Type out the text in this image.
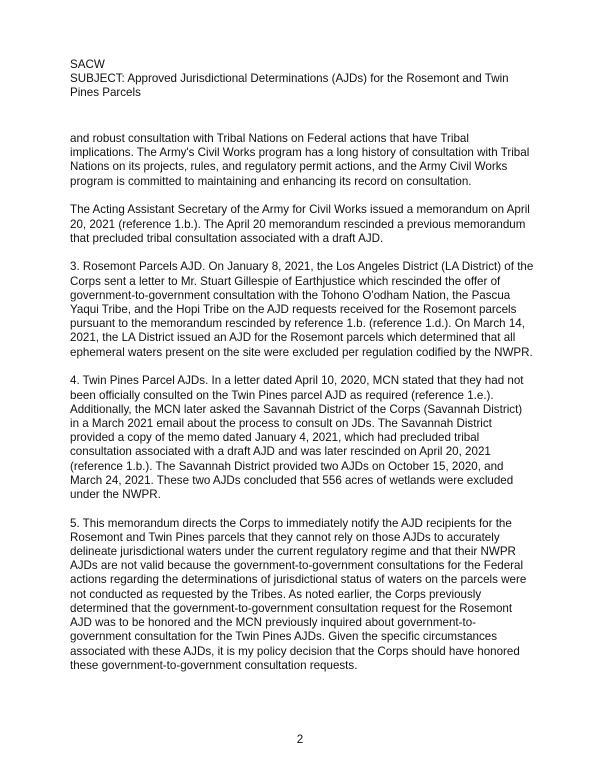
SACW
SUBJECT: Approved Jurisdictional Determinations (AJDs) for the Rosemont and Twin Pines Parcels

and robust consultation with Tribal Nations on Federal actions that have Tribal implications. The Army's Civil Works program has a long history of consultation with Tribal Nations on its projects, rules, and regulatory permit actions, and the Army Civil Works program is committed to maintaining and enhancing its record on consultation.

The Acting Assistant Secretary of the Army for Civil Works issued a memorandum on April 20, 2021 (reference 1.b.). The April 20 memorandum rescinded a previous memorandum that precluded tribal consultation associated with a draft AJD.

3. Rosemont Parcels AJD. On January 8, 2021, the Los Angeles District (LA District) of the Corps sent a letter to Mr. Stuart Gillespie of Earthjustice which rescinded the offer of government-to-government consultation with the Tohono O'odham Nation, the Pascua Yaqui Tribe, and the Hopi Tribe on the AJD requests received for the Rosemont parcels pursuant to the memorandum rescinded by reference 1.b. (reference 1.d.). On March 14, 2021, the LA District issued an AJD for the Rosemont parcels which determined that all ephemeral waters present on the site were excluded per regulation codified by the NWPR.

4. Twin Pines Parcel AJDs. In a letter dated April 10, 2020, MCN stated that they had not been officially consulted on the Twin Pines parcel AJD as required (reference 1.e.). Additionally, the MCN later asked the Savannah District of the Corps (Savannah District) in a March 2021 email about the process to consult on JDs. The Savannah District provided a copy of the memo dated January 4, 2021, which had precluded tribal consultation associated with a draft AJD and was later rescinded on April 20, 2021 (reference 1.b.). The Savannah District provided two AJDs on October 15, 2020, and March 24, 2021. These two AJDs concluded that 556 acres of wetlands were excluded under the NWPR.

5. This memorandum directs the Corps to immediately notify the AJD recipients for the Rosemont and Twin Pines parcels that they cannot rely on those AJDs to accurately delineate jurisdictional waters under the current regulatory regime and that their NWPR AJDs are not valid because the government-to-government consultations for the Federal actions regarding the determinations of jurisdictional status of waters on the parcels were not conducted as requested by the Tribes. As noted earlier, the Corps previously determined that the government-to-government consultation request for the Rosemont AJD was to be honored and the MCN previously inquired about government-to-government consultation for the Twin Pines AJDs. Given the specific circumstances associated with these AJDs, it is my policy decision that the Corps should have honored these government-to-government consultation requests.

2
